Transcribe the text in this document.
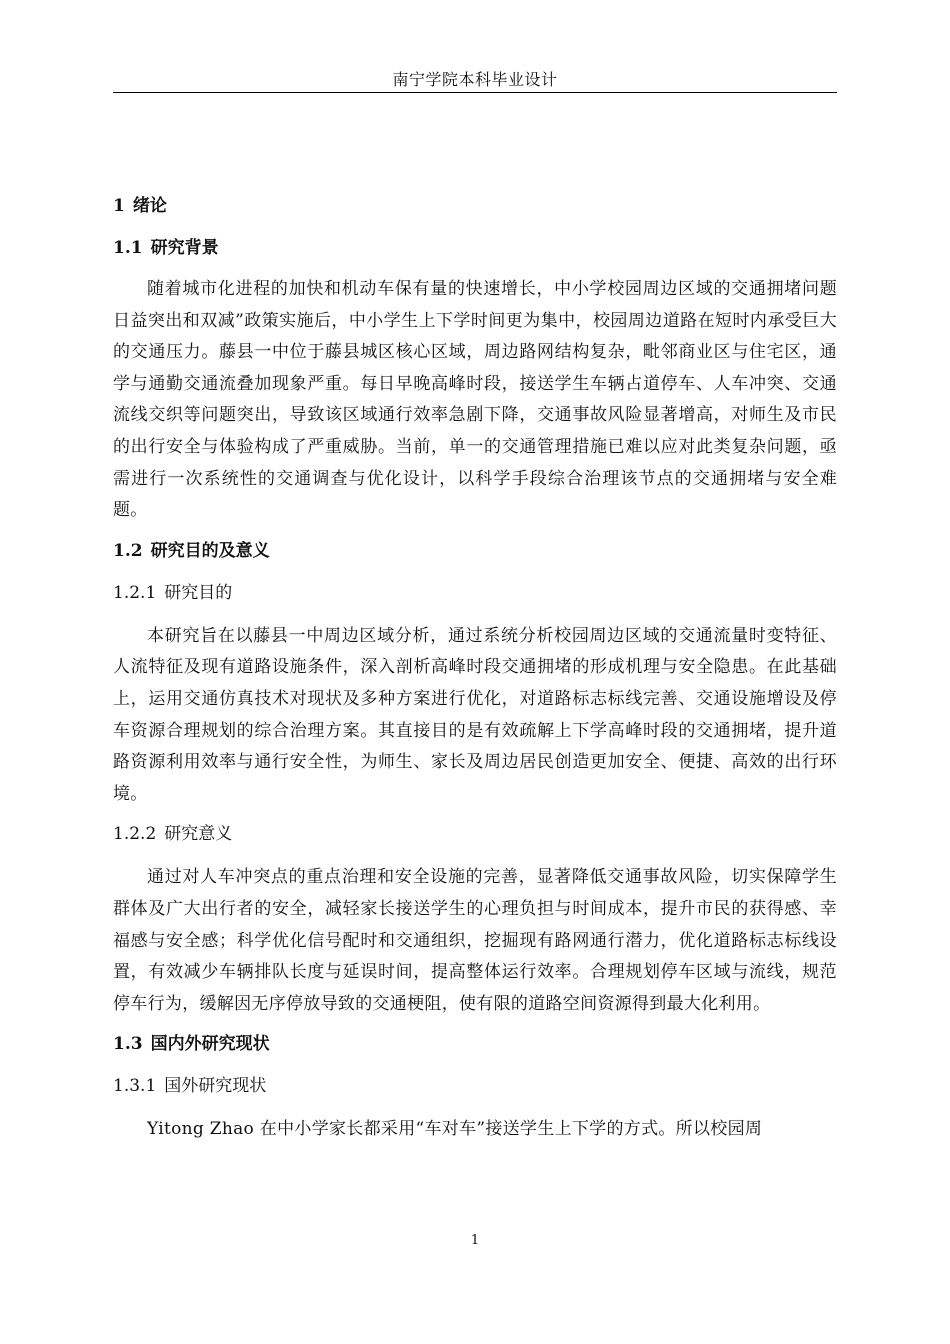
南宁学院本科毕业设计
1 绪论
1.1 研究背景

随着城市化进程的加快和机动车保有量的快速增长，中小学校园周边区域的交通拥堵问题日益突出和双减”政策实施后，中小学生上下学时间更为集中，校园周边道路在短时内承受巨大的交通压力。藤县一中位于藤县城区核心区域，周边路网结构复杂，毗邻商业区与住宅区，通学与通勤交通流叠加现象严重。每日早晚高峰时段，接送学生车辆占道停车、人车冲突、交通流线交织等问题突出，导致该区域通行效率急剧下降，交通事故风险显著增高，对师生及市民的出行安全与体验构成了严重威胁。当前，单一的交通管理措施已难以应对此类复杂问题，亟需进行一次系统性的交通调查与优化设计，以科学手段综合治理该节点的交通拥堵与安全难题。

1.2 研究目的及意义
1.2.1 研究目的

本研究旨在以藤县一中周边区域分析，通过系统分析校园周边区域的交通流量时变特征、人流特征及现有道路设施条件，深入剖析高峰时段交通拥堵的形成机理与安全隐患。在此基础上，运用交通仿真技术对现状及多种方案进行优化，对道路标志标线完善、交通设施增设及停车资源合理规划的综合治理方案。其直接目的是有效疏解上下学高峰时段的交通拥堵，提升道路资源利用效率与通行安全性，为师生、家长及周边居民创造更加安全、便捷、高效的出行环境。

1.2.2 研究意义

通过对人车冲突点的重点治理和安全设施的完善，显著降低交通事故风险，切实保障学生群体及广大出行者的安全，减轻家长接送学生的心理负担与时间成本，提升市民的获得感、幸福感与安全感；科学优化信号配时和交通组织，挖掘现有路网通行潜力，优化道路标志标线设置，有效减少车辆排队长度与延误时间，提高整体运行效率。合理规划停车区域与流线，规范停车行为，缓解因无序停放导致的交通梗阻，使有限的道路空间资源得到最大化利用。

1.3 国内外研究现状
1.3.1 国外研究现状

Yitong Zhao 在中小学家长都采用“车对车”接送学生上下学的方式。所以校园周

1
